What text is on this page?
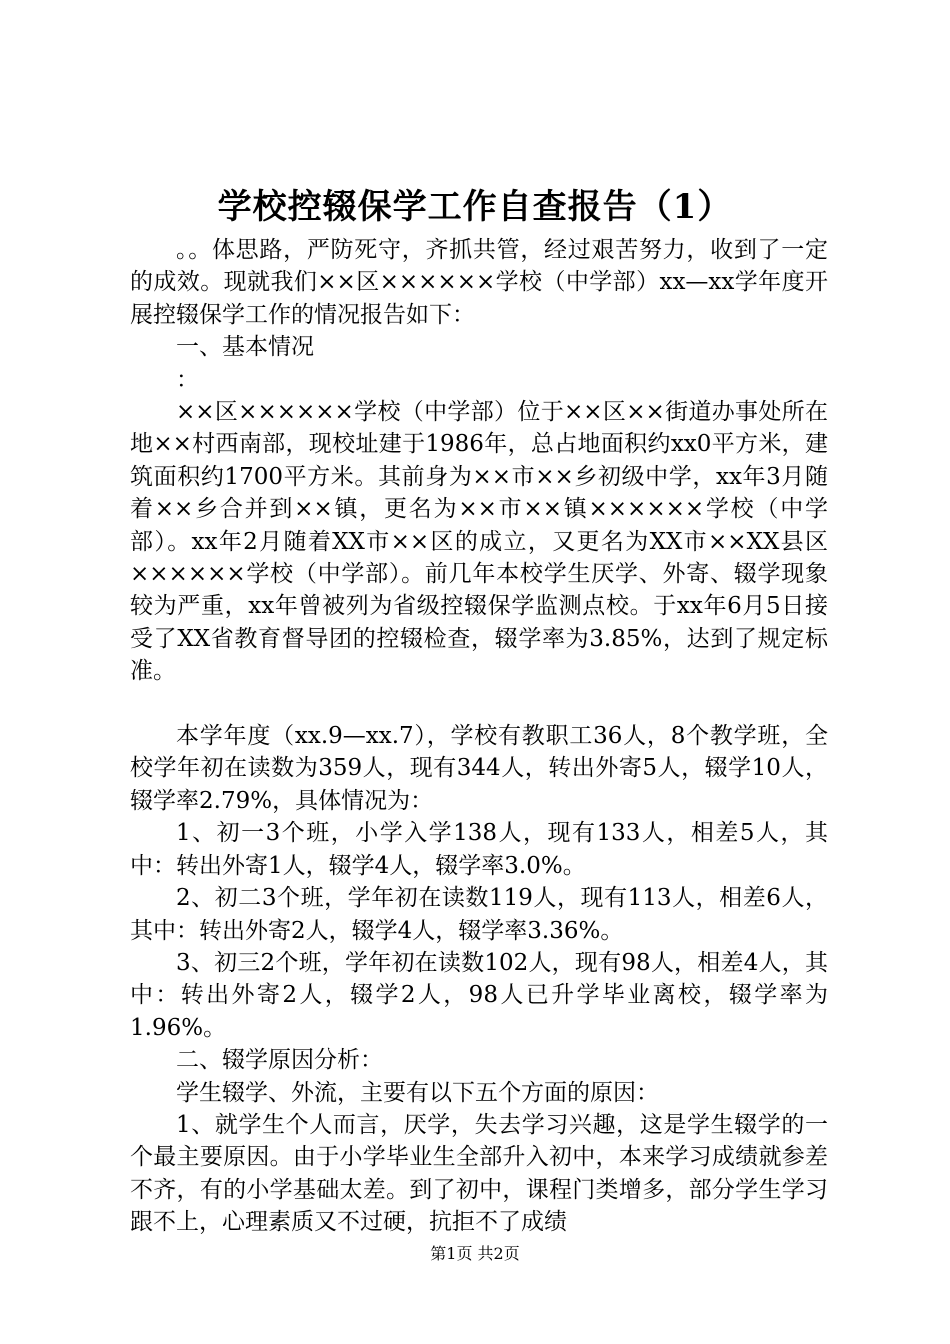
学校控辍保学工作自查报告（1）

。。体思路，严防死守，齐抓共管，经过艰苦努力，收到了一定的成效。现就我们××区××××××学校（中学部）xx—xx学年度开展控辍保学工作的情况报告如下：

一、基本情况

：

××区××××××学校（中学部）位于××区××街道办事处所在地××村西南部，现校址建于1986年，总占地面积约xx0平方米，建筑面积约1700平方米。其前身为××市××乡初级中学，xx年3月随着××乡合并到××镇，更名为××市××镇××××××学校（中学部）。xx年2月随着XX市××区的成立，又更名为XX市××XX县区××××××学校（中学部）。前几年本校学生厌学、外寄、辍学现象较为严重，xx年曾被列为省级控辍保学监测点校。于xx年6月5日接受了XX省教育督导团的控辍检查，辍学率为3.85%，达到了规定标准。

本学年度（xx.9—xx.7），学校有教职工36人，8个教学班，全校学年初在读数为359人，现有344人，转出外寄5人，辍学10人，辍学率2.79%，具体情况为：

1、初一3个班，小学入学138人，现有133人，相差5人，其中：转出外寄1人，辍学4人，辍学率3.0%。

2、初二3个班，学年初在读数119人，现有113人，相差6人，其中：转出外寄2人，辍学4人，辍学率3.36%。

3、初三2个班，学年初在读数102人，现有98人，相差4人，其中：转出外寄2人，辍学2人，98人已升学毕业离校，辍学率为1.96%。

二、辍学原因分析：

学生辍学、外流，主要有以下五个方面的原因：

1、就学生个人而言，厌学，失去学习兴趣，这是学生辍学的一个最主要原因。由于小学毕业生全部升入初中，本来学习成绩就参差不齐，有的小学基础太差。到了初中，课程门类增多，部分学生学习跟不上，心理素质又不过硬，抗拒不了成绩

第1页 共2页
